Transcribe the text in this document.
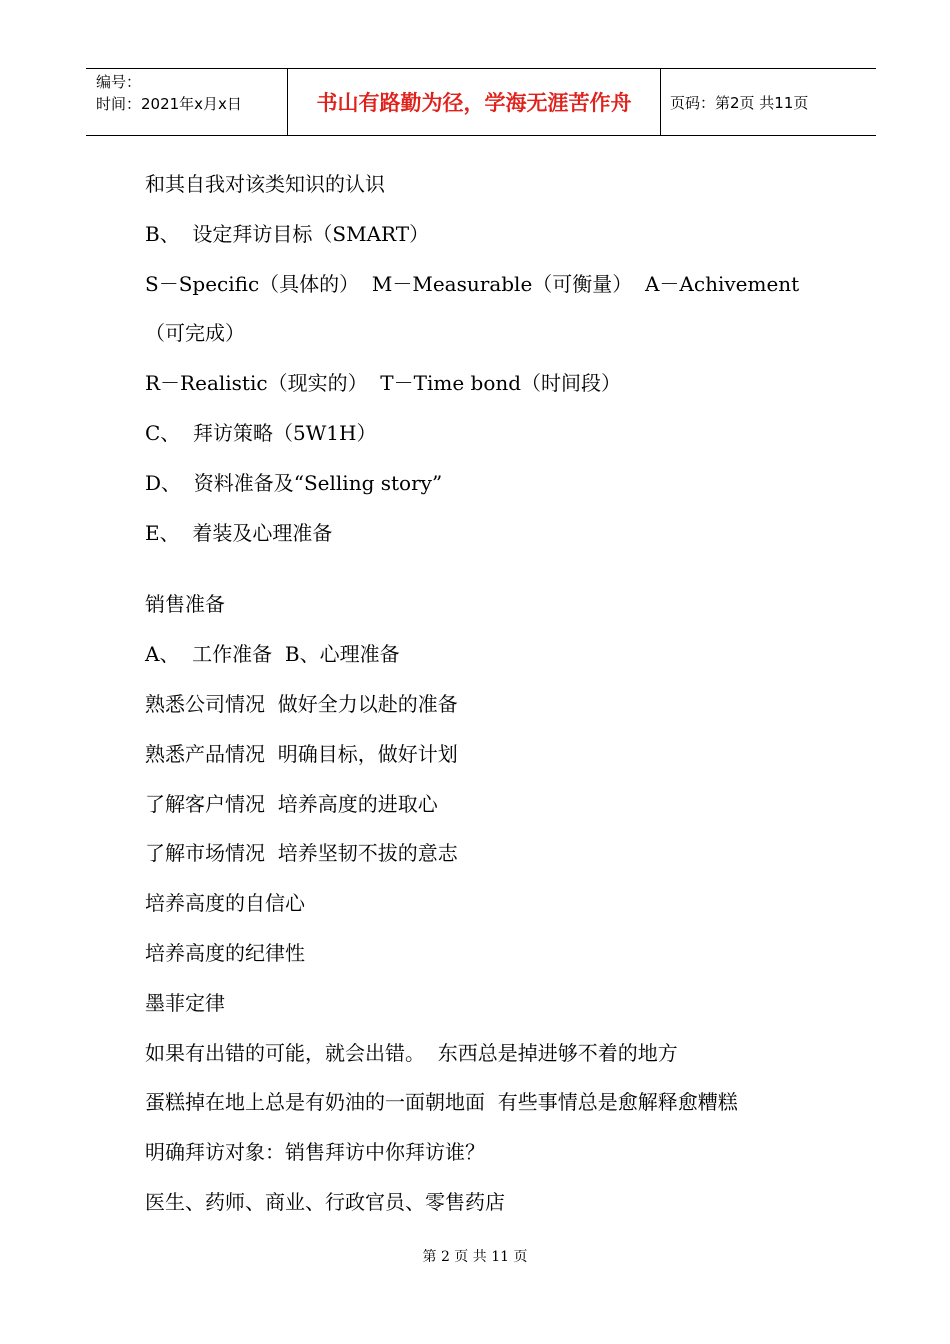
编号：
时间：2021年x月x日	书山有路勤为径，学海无涯苦作舟	页码：第2页 共11页
和其自我对该类知识的认识
B、  设定拜访目标（SMART）
S－Specific（具体的）  M－Measurable（可衡量）  A－Achivement
（可完成）
R－Realistic（现实的）  T－Time bond（时间段）
C、  拜访策略（5W1H）
D、  资料准备及“Selling story”
E、  着装及心理准备
销售准备
A、  工作准备  B、心理准备
熟悉公司情况  做好全力以赴的准备
熟悉产品情况  明确目标，做好计划
了解客户情况  培养高度的进取心
了解市场情况  培养坚韧不拔的意志
培养高度的自信心
培养高度的纪律性
墨菲定律
如果有出错的可能，就会出错。  东西总是掉进够不着的地方
蛋糕掉在地上总是有奶油的一面朝地面  有些事情总是愈解释愈糟糕
明确拜访对象：销售拜访中你拜访谁？
医生、药师、商业、行政官员、零售药店
第 2 页 共 11 页
